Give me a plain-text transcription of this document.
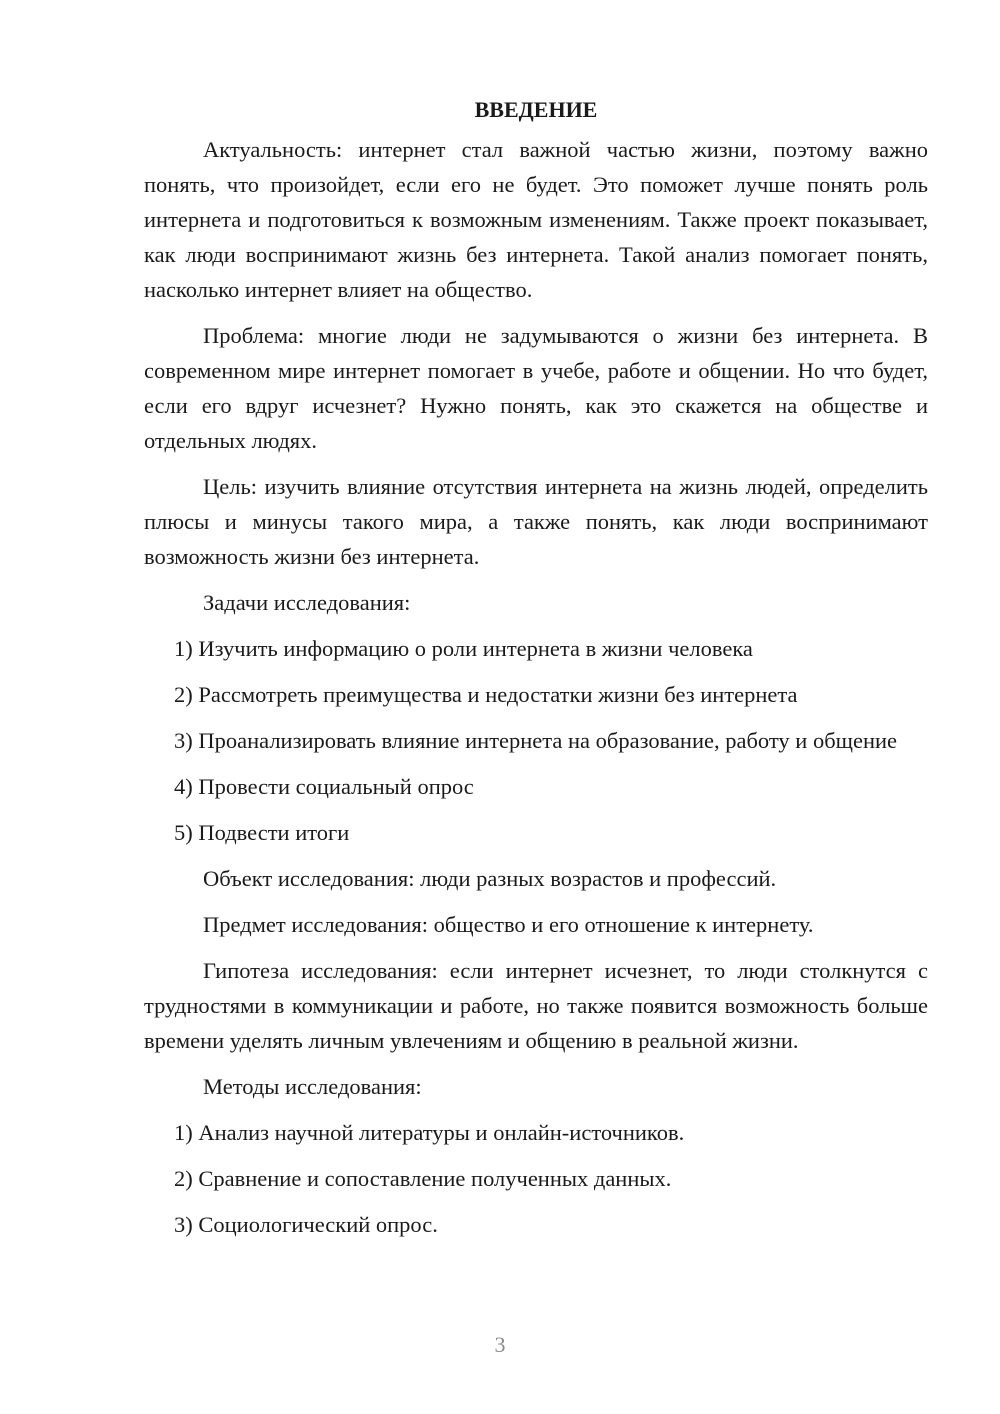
ВВЕДЕНИЕ

Актуальность: интернет стал важной частью жизни, поэтому важно понять, что произойдет, если его не будет. Это поможет лучше понять роль интернета и подготовиться к возможным изменениям. Также проект показывает, как люди воспринимают жизнь без интернета. Такой анализ помогает понять, насколько интернет влияет на общество.

Проблема: многие люди не задумываются о жизни без интернета. В современном мире интернет помогает в учебе, работе и общении. Но что будет, если его вдруг исчезнет? Нужно понять, как это скажется на обществе и отдельных людях.

Цель: изучить влияние отсутствия интернета на жизнь людей, определить плюсы и минусы такого мира, а также понять, как люди воспринимают возможность жизни без интернета.

Задачи исследования:

1) Изучить информацию о роли интернета в жизни человека

2) Рассмотреть преимущества и недостатки жизни без интернета

3) Проанализировать влияние интернета на образование, работу и общение

4) Провести социальный опрос

5) Подвести итоги

Объект исследования: люди разных возрастов и профессий.

Предмет исследования: общество и его отношение к интернету.

Гипотеза исследования: если интернет исчезнет, то люди столкнутся с трудностями в коммуникации и работе, но также появится возможность больше времени уделять личным увлечениям и общению в реальной жизни.

Методы исследования:

1) Анализ научной литературы и онлайн-источников.

2) Сравнение и сопоставление полученных данных.

3) Социологический опрос.

3
